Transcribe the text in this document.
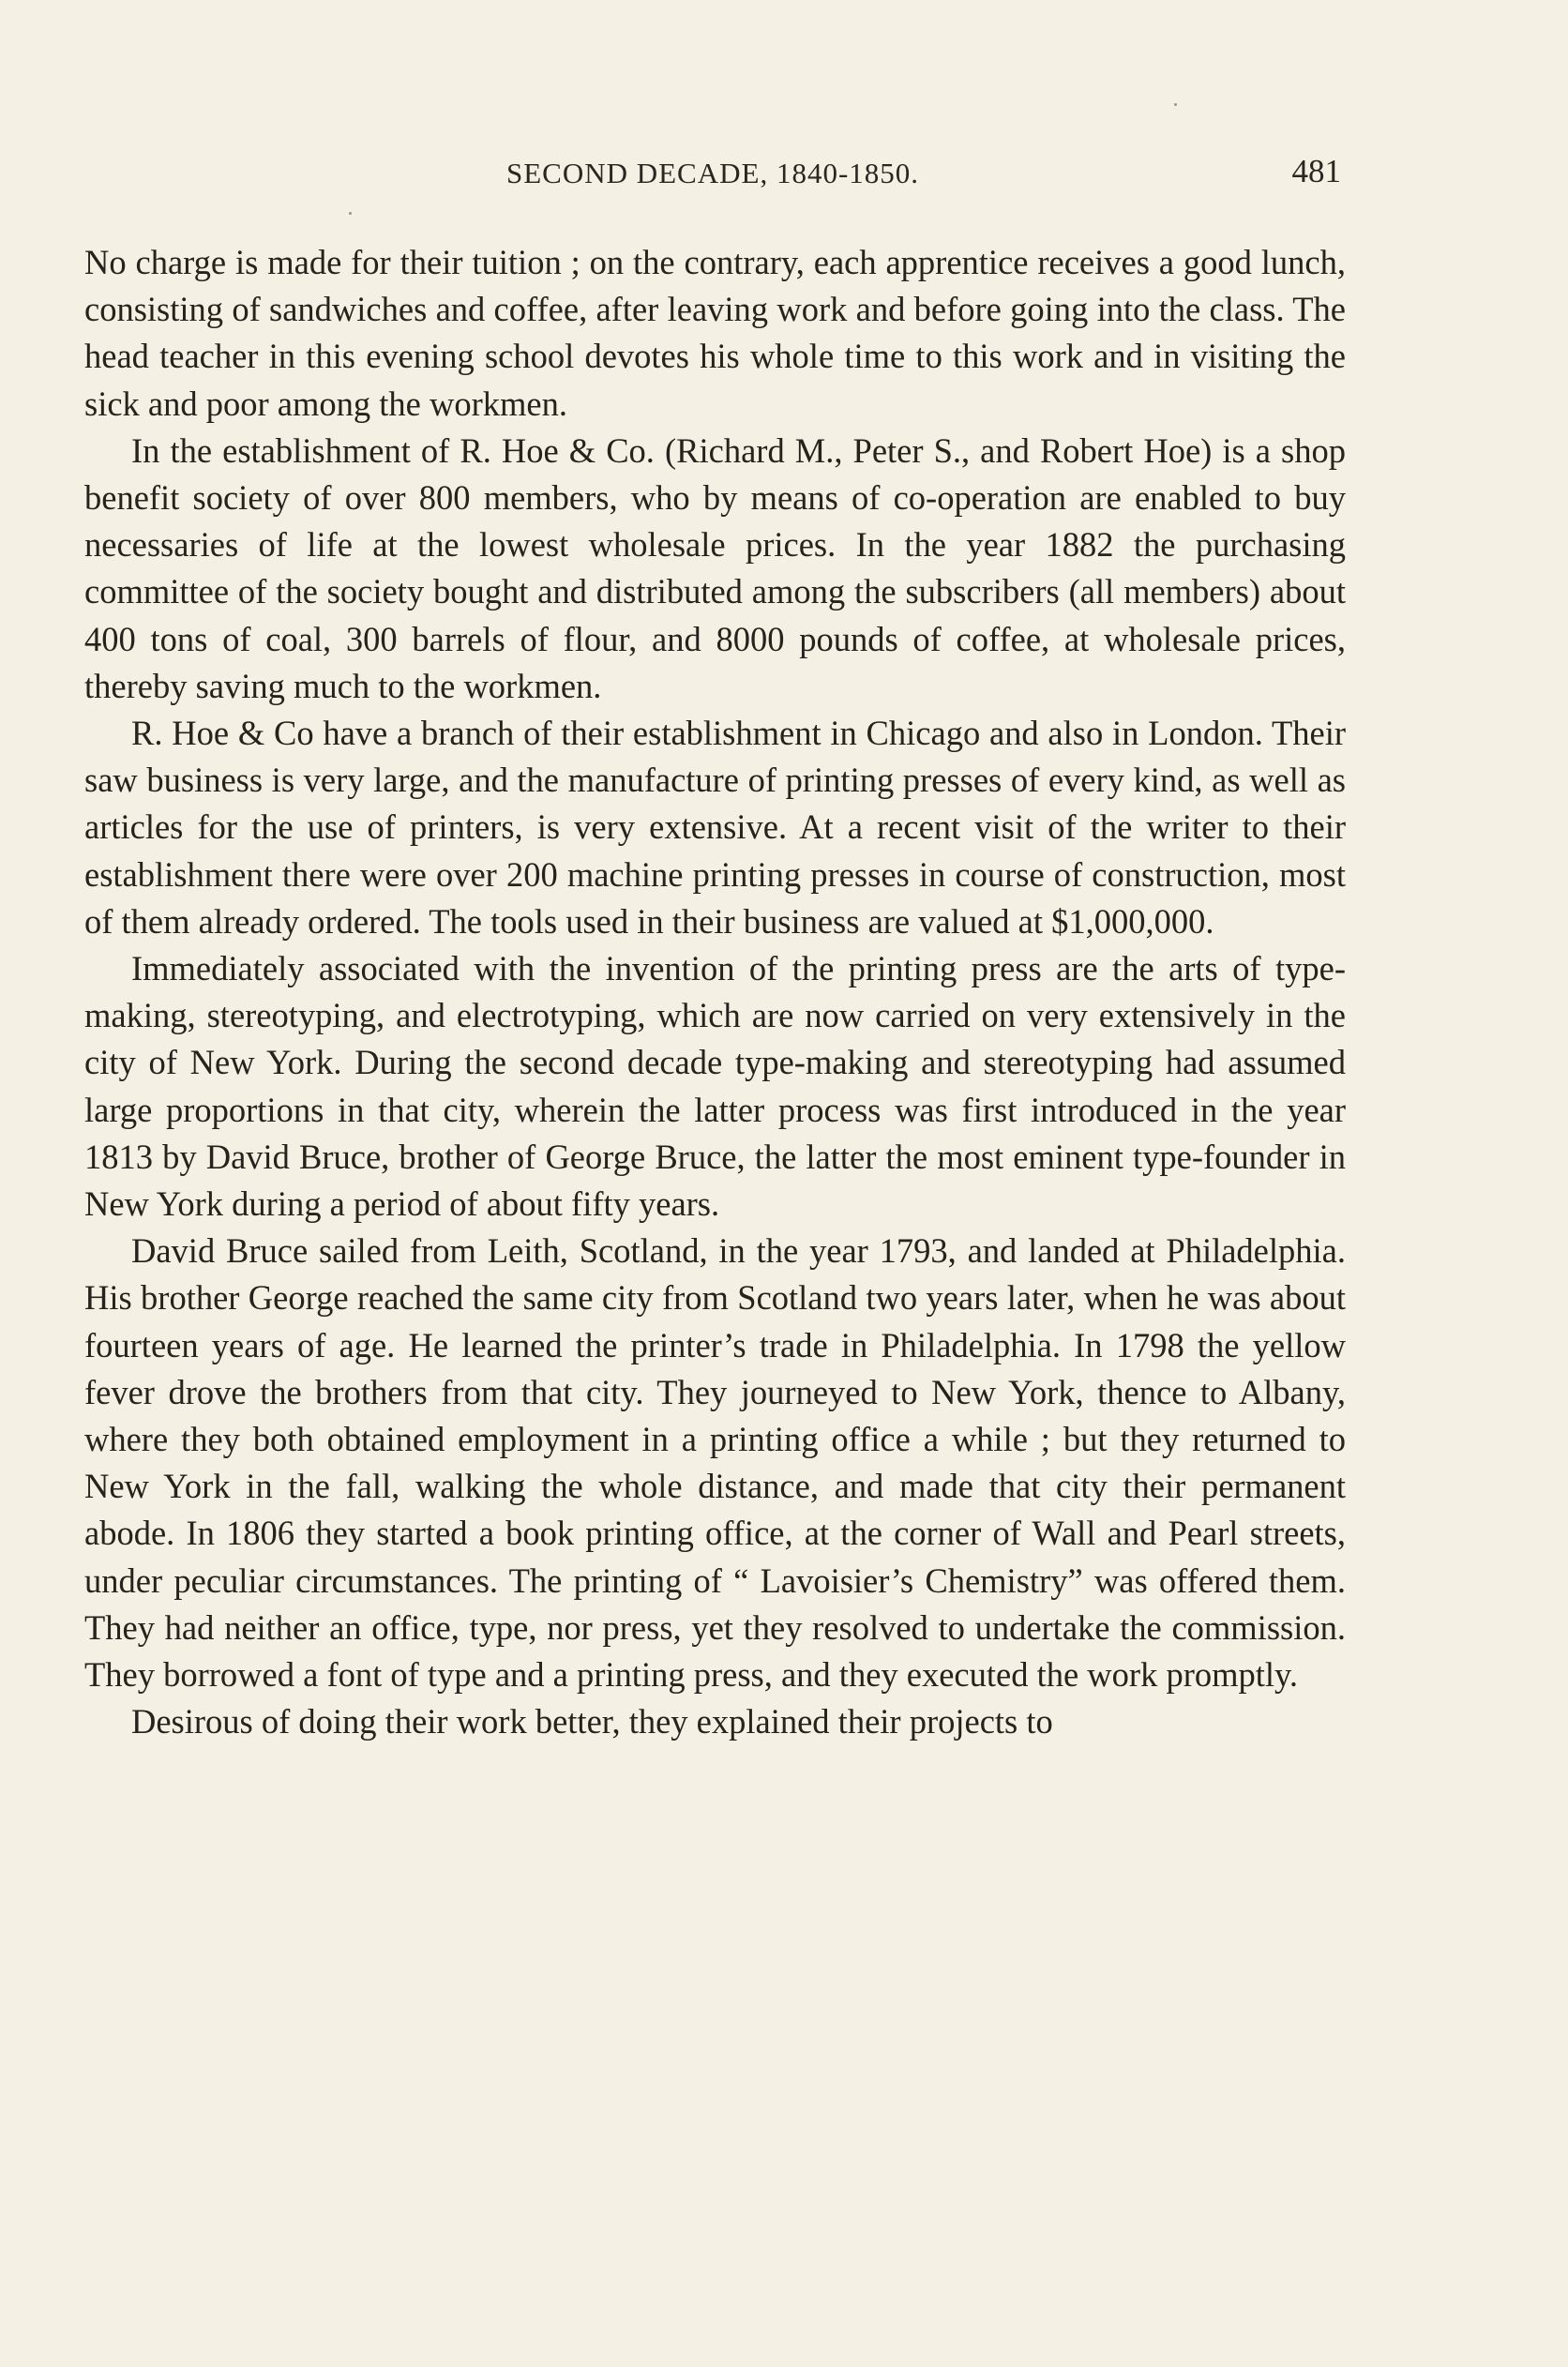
SECOND DECADE, 1840-1850.	481

No charge is made for their tuition ; on the contrary, each apprentice receives a good lunch, consisting of sandwiches and coffee, after leaving work and before going into the class. The head teacher in this evening school devotes his whole time to this work and in visiting the sick and poor among the workmen.

In the establishment of R. Hoe & Co. (Richard M., Peter S., and Robert Hoe) is a shop benefit society of over 800 members, who by means of co-operation are enabled to buy necessaries of life at the lowest wholesale prices. In the year 1882 the purchasing committee of the society bought and distributed among the subscribers (all members) about 400 tons of coal, 300 barrels of flour, and 8000 pounds of coffee, at wholesale prices, thereby saving much to the workmen.

R. Hoe & Co have a branch of their establishment in Chicago and also in London. Their saw business is very large, and the manufacture of printing presses of every kind, as well as articles for the use of printers, is very extensive. At a recent visit of the writer to their establishment there were over 200 machine printing presses in course of construction, most of them already ordered. The tools used in their business are valued at $1,000,000.

Immediately associated with the invention of the printing press are the arts of type-making, stereotyping, and electrotyping, which are now carried on very extensively in the city of New York. During the second decade type-making and stereotyping had assumed large proportions in that city, wherein the latter process was first introduced in the year 1813 by David Bruce, brother of George Bruce, the latter the most eminent type-founder in New York during a period of about fifty years.

David Bruce sailed from Leith, Scotland, in the year 1793, and landed at Philadelphia. His brother George reached the same city from Scotland two years later, when he was about fourteen years of age. He learned the printer’s trade in Philadelphia. In 1798 the yellow fever drove the brothers from that city. They journeyed to New York, thence to Albany, where they both obtained employment in a printing office a while ; but they returned to New York in the fall, walking the whole distance, and made that city their permanent abode. In 1806 they started a book printing office, at the corner of Wall and Pearl streets, under peculiar circumstances. The printing of “ Lavoisier’s Chemistry” was offered them. They had neither an office, type, nor press, yet they resolved to undertake the commission. They borrowed a font of type and a printing press, and they executed the work promptly.

Desirous of doing their work better, they explained their projects to
